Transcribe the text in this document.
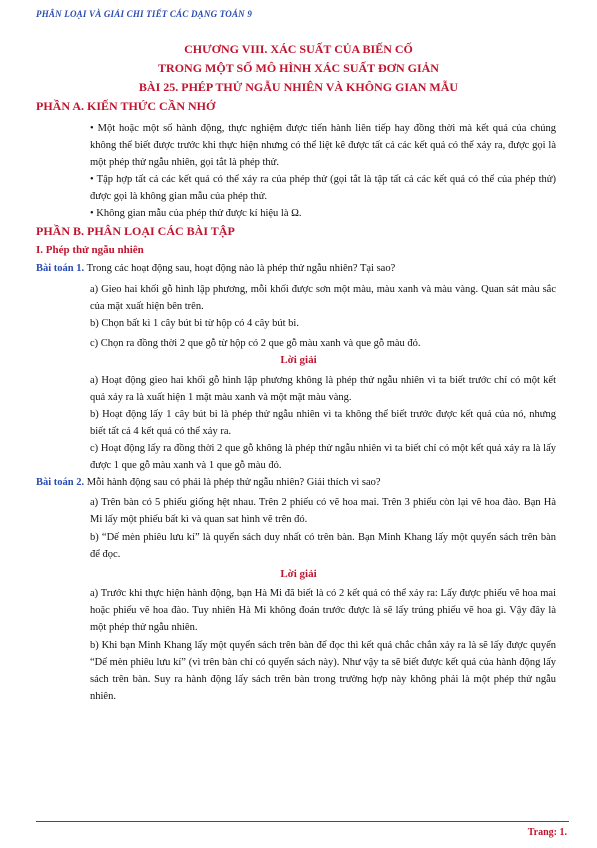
PHÂN LOẠI VÀ GIẢI CHI TIẾT CÁC DẠNG TOÁN 9
CHƯƠNG VIII. XÁC SUẤT CỦA BIẾN CỐ
TRONG MỘT SỐ MÔ HÌNH XÁC SUẤT ĐƠN GIẢN
BÀI 25. PHÉP THỬ NGẪU NHIÊN VÀ KHÔNG GIAN MẪU
PHẦN A. KIẾN THỨC CẦN NHỚ
• Một hoặc một số hành động, thực nghiệm được tiến hành liên tiếp hay đồng thời mà kết quả của chúng không thể biết được trước khi thực hiện nhưng có thể liệt kê được tất cả các kết quả có thể xảy ra, được gọi là một phép thử ngẫu nhiên, gọi tắt là phép thử.
• Tập hợp tất cả các kết quả có thể xảy ra của phép thử (gọi tắt là tập tất cả các kết quả có thể của phép thử) được gọi là không gian mẫu của phép thử.
• Không gian mẫu của phép thử được kí hiệu là Ω.
PHẦN B. PHÂN LOẠI CÁC BÀI TẬP
I. Phép thử ngẫu nhiên
Bài toán 1. Trong các hoạt động sau, hoạt động nào là phép thử ngẫu nhiên? Tại sao?
a) Gieo hai khối gỗ hình lập phương, mỗi khối được sơn một màu, màu xanh và màu vàng. Quan sát màu sắc của mặt xuất hiện bên trên.
b) Chọn bất kì 1 cây bút bi từ hộp có 4 cây bút bi.
c) Chọn ra đồng thời 2 que gỗ từ hộp có 2 que gỗ màu xanh và que gỗ màu đỏ.
Lời giải
a) Hoạt động gieo hai khối gỗ hình lập phương không là phép thử ngẫu nhiên vì ta biết trước chỉ có một kết quả xảy ra là xuất hiện 1 mặt màu xanh và một mặt màu vàng.
b) Hoạt động lấy 1 cây bút bi là phép thử ngẫu nhiên vì ta không thể biết trước được kết quả của nó, nhưng biết tất cả 4 kết quả có thể xảy ra.
c) Hoạt động lấy ra đồng thời 2 que gỗ không là phép thử ngẫu nhiên vì ta biết chỉ có một kết quả xảy ra là lấy được 1 que gỗ màu xanh và 1 que gỗ màu đỏ.
Bài toán 2. Mỗi hành động sau có phải là phép thử ngẫu nhiên? Giải thích vì sao?
a) Trên bàn có 5 phiếu giống hệt nhau. Trên 2 phiếu có vẽ hoa mai. Trên 3 phiếu còn lại vẽ hoa đào. Bạn Hà Mi lấy một phiếu bất kì và quan sat hình vẽ trên đó.
b) “Dế mèn phiêu lưu kí” là quyển sách duy nhất có trên bàn. Bạn Minh Khang lấy một quyển sách trên bàn để đọc.
Lời giải
a) Trước khi thực hiện hành động, bạn Hà Mi đã biết là có 2 kết quả có thể xảy ra: Lấy được phiếu vẽ hoa mai hoặc phiếu vẽ hoa đào. Tuy nhiên Hà Mi không đoán trước được là sẽ lấy trúng phiếu vẽ hoa gì. Vậy đây là một phép thử ngẫu nhiên.
b) Khi bạn Minh Khang lấy một quyển sách trên bàn để đọc thì kết quả chắc chắn xảy ra là sẽ lấy được quyển “Dế mèn phiêu lưu kí” (vì trên bàn chỉ có quyển sách này). Như vậy ta sẽ biết được kết quả của hành động lấy sách trên bàn. Suy ra hành động lấy sách trên bàn trong trường hợp này không phải là một phép thử ngẫu nhiên.
Trang: 1.
